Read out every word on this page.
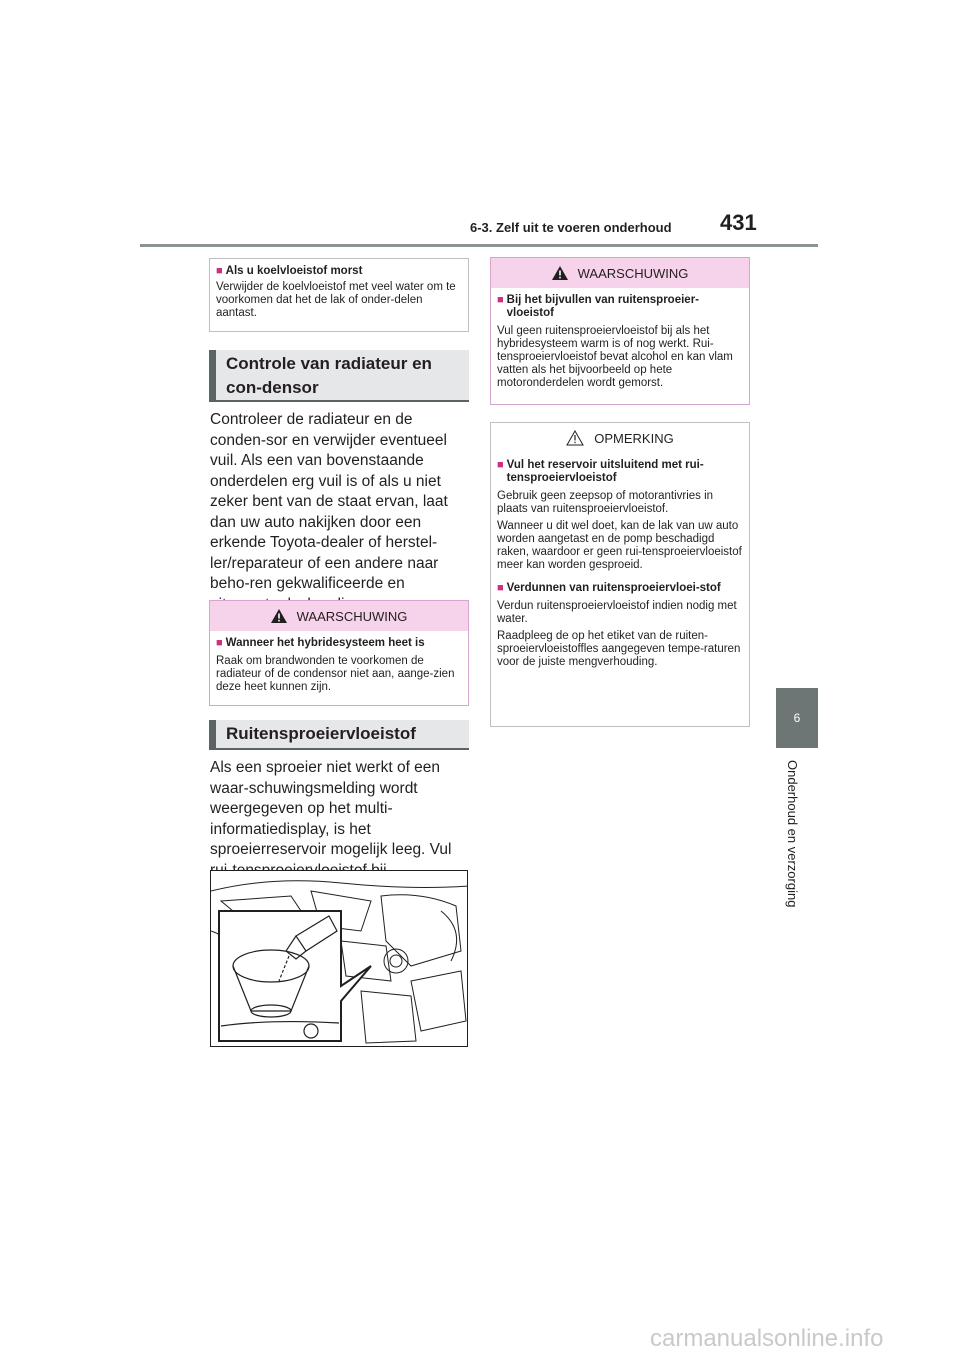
6-3. Zelf uit te voeren onderhoud	431
6
Onderhoud en verzorging
■ Als u koelvloeistof morst
Verwijder de koelvloeistof met veel water om te voorkomen dat het de lak of onder-delen aantast.
Controle van radiateur en con-densor
Controleer de radiateur en de conden-sor en verwijder eventueel vuil. Als een van bovenstaande onderdelen erg vuil is of als u niet zeker bent van de staat ervan, laat dan uw auto nakijken door een erkende Toyota-dealer of herstel-ler/reparateur of een andere naar beho-ren gekwalificeerde en
WAARSCHUWING
■ Wanneer het hybridesysteem heet is
Raak om brandwonden te voorkomen de radiateur of de condensor niet aan, aange-zien deze heet kunnen zijn.
Ruitensproeiervloeistof
Als een sproeier niet werkt of een waar-schuwingsmelding wordt weergegeven op het multi-informatiedisplay, is het sproeierreservoir mogelijk leeg. Vul
WAARSCHUWING
■ Bij het bijvullen van ruitensproeier-vloeistof
Vul geen ruitensproeiervloeistof bij als het hybridesysteem warm is of nog werkt. Rui-tensproeiervloeistof bevat alcohol en kan vlam vatten als het bijvoorbeeld op hete motoronderdelen wordt gemorst.
OPMERKING
■ Vul het reservoir uitsluitend met rui-tensproeiervloeistof
Gebruik geen zeepsop of motorantivries in plaats van ruitensproeiervloeistof.
Wanneer u dit wel doet, kan de lak van uw auto worden aangetast en de pomp beschadigd raken, waardoor er geen rui-tensproeiervloeistof meer kan worden gesproeid.
■ Verdunnen van ruitensproeiervloei-stof
Verdun ruitensproeiervloeistof indien nodig met water.
Raadpleeg de op het etiket van de ruiten-sproeiervloeistoffles aangegeven tempe-raturen voor de juiste mengverhouding.
carmanualsonline.info
